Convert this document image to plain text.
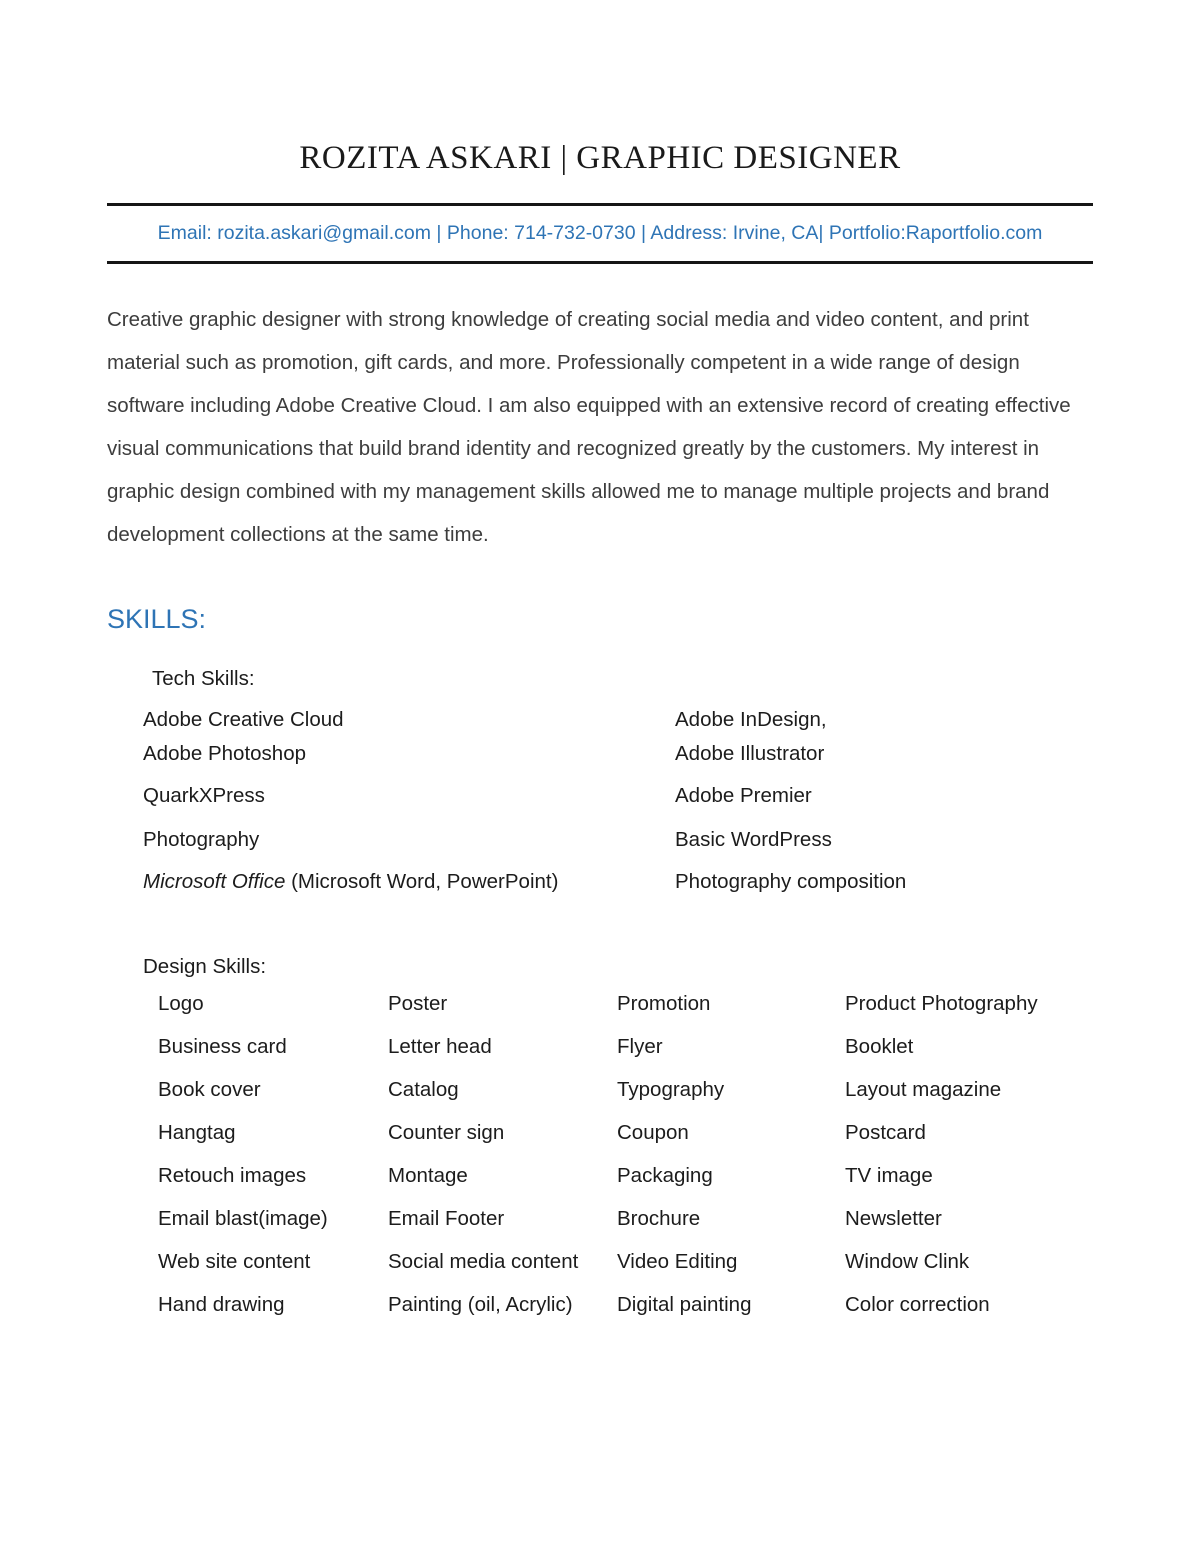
ROZITA ASKARI | GRAPHIC DESIGNER
Email: rozita.askari@gmail.com | Phone: 714-732-0730 | Address: Irvine, CA| Portfolio:Raportfolio.com

Creative graphic designer with strong knowledge of creating social media and video content, and print material such as promotion, gift cards, and more. Professionally competent in a wide range of design software including Adobe Creative Cloud. I am also equipped with an extensive record of creating effective visual communications that build brand identity and recognized greatly by the customers. My interest in graphic design combined with my management skills allowed me to manage multiple projects and brand development collections at the same time.

SKILLS:
Tech Skills:
Adobe Creative Cloud	Adobe InDesign,
Adobe Photoshop	Adobe Illustrator
QuarkXPress	Adobe Premier
Photography	Basic WordPress
Microsoft Office (Microsoft Word, PowerPoint)	Photography composition
Design Skills:
Logo	Poster	Promotion	Product Photography
Business card	Letter head	Flyer	Booklet
Book cover	Catalog	Typography	Layout magazine
Hangtag	Counter sign	Coupon	Postcard
Retouch images	Montage	Packaging	TV image
Email blast(image)	Email Footer	Brochure	Newsletter
Web site content	Social media content	Video Editing	Window Clink
Hand drawing	Painting (oil, Acrylic)	Digital painting	Color correction
